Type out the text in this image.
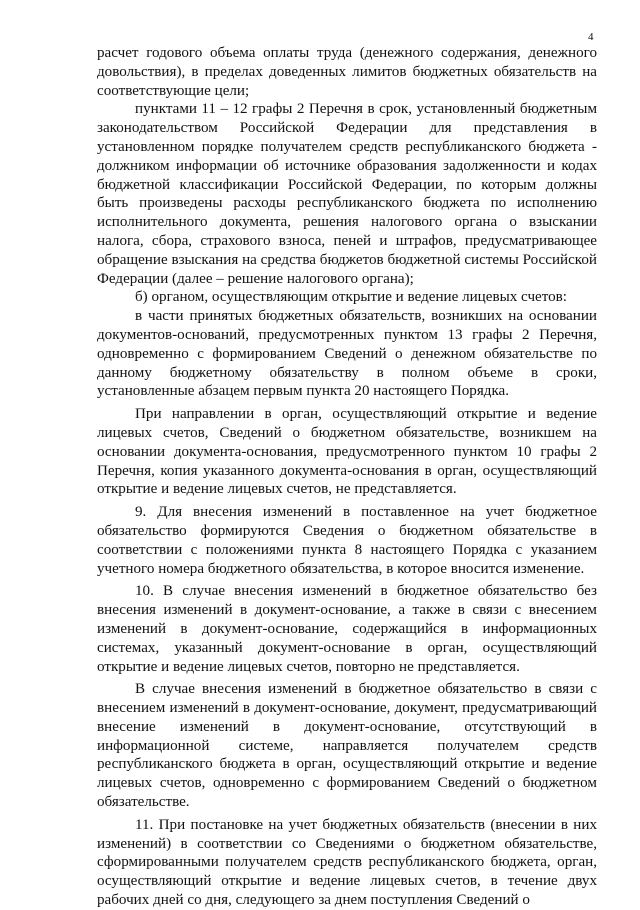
4

расчет годового объема оплаты труда (денежного содержания, денежного довольствия), в пределах доведенных лимитов бюджетных обязательств на соответствующие цели;

пунктами 11 – 12 графы 2 Перечня в срок, установленный бюджетным законодательством Российской Федерации для представления в установленном порядке получателем средств республиканского бюджета - должником информации об источнике образования задолженности и кодах бюджетной классификации Российской Федерации, по которым должны быть произведены расходы республиканского бюджета по исполнению исполнительного документа, решения налогового органа о взыскании налога, сбора, страхового взноса, пеней и штрафов, предусматривающее обращение взыскания на средства бюджетов бюджетной системы Российской Федерации (далее – решение налогового органа);

б) органом, осуществляющим открытие и ведение лицевых счетов:

в части принятых бюджетных обязательств, возникших на основании документов-оснований, предусмотренных пунктом 13 графы 2 Перечня, одновременно с формированием Сведений о денежном обязательстве по данному бюджетному обязательству в полном объеме в сроки, установленные абзацем первым пункта 20 настоящего Порядка.

При направлении в орган, осуществляющий открытие и ведение лицевых счетов, Сведений о бюджетном обязательстве, возникшем на основании документа-основания, предусмотренного пунктом 10 графы 2 Перечня, копия указанного документа-основания в орган, осуществляющий открытие и ведение лицевых счетов, не представляется.

9. Для внесения изменений в поставленное на учет бюджетное обязательство формируются Сведения о бюджетном обязательстве в соответствии с положениями пункта 8 настоящего Порядка с указанием учетного номера бюджетного обязательства, в которое вносится изменение.

10. В случае внесения изменений в бюджетное обязательство без внесения изменений в документ-основание, а также в связи с внесением изменений в документ-основание, содержащийся в информационных системах, указанный документ-основание в орган, осуществляющий открытие и ведение лицевых счетов, повторно не представляется.

В случае внесения изменений в бюджетное обязательство в связи с внесением изменений в документ-основание, документ, предусматривающий внесение изменений в документ-основание, отсутствующий в информационной системе, направляется получателем средств республиканского бюджета в орган, осуществляющий открытие и ведение лицевых счетов, одновременно с формированием Сведений о бюджетном обязательстве.

11. При постановке на учет бюджетных обязательств (внесении в них изменений) в соответствии со Сведениями о бюджетном обязательстве, сформированными получателем средств республиканского бюджета, орган, осуществляющий открытие и ведение лицевых счетов, в течение двух рабочих дней со дня, следующего за днем поступления Сведений о
